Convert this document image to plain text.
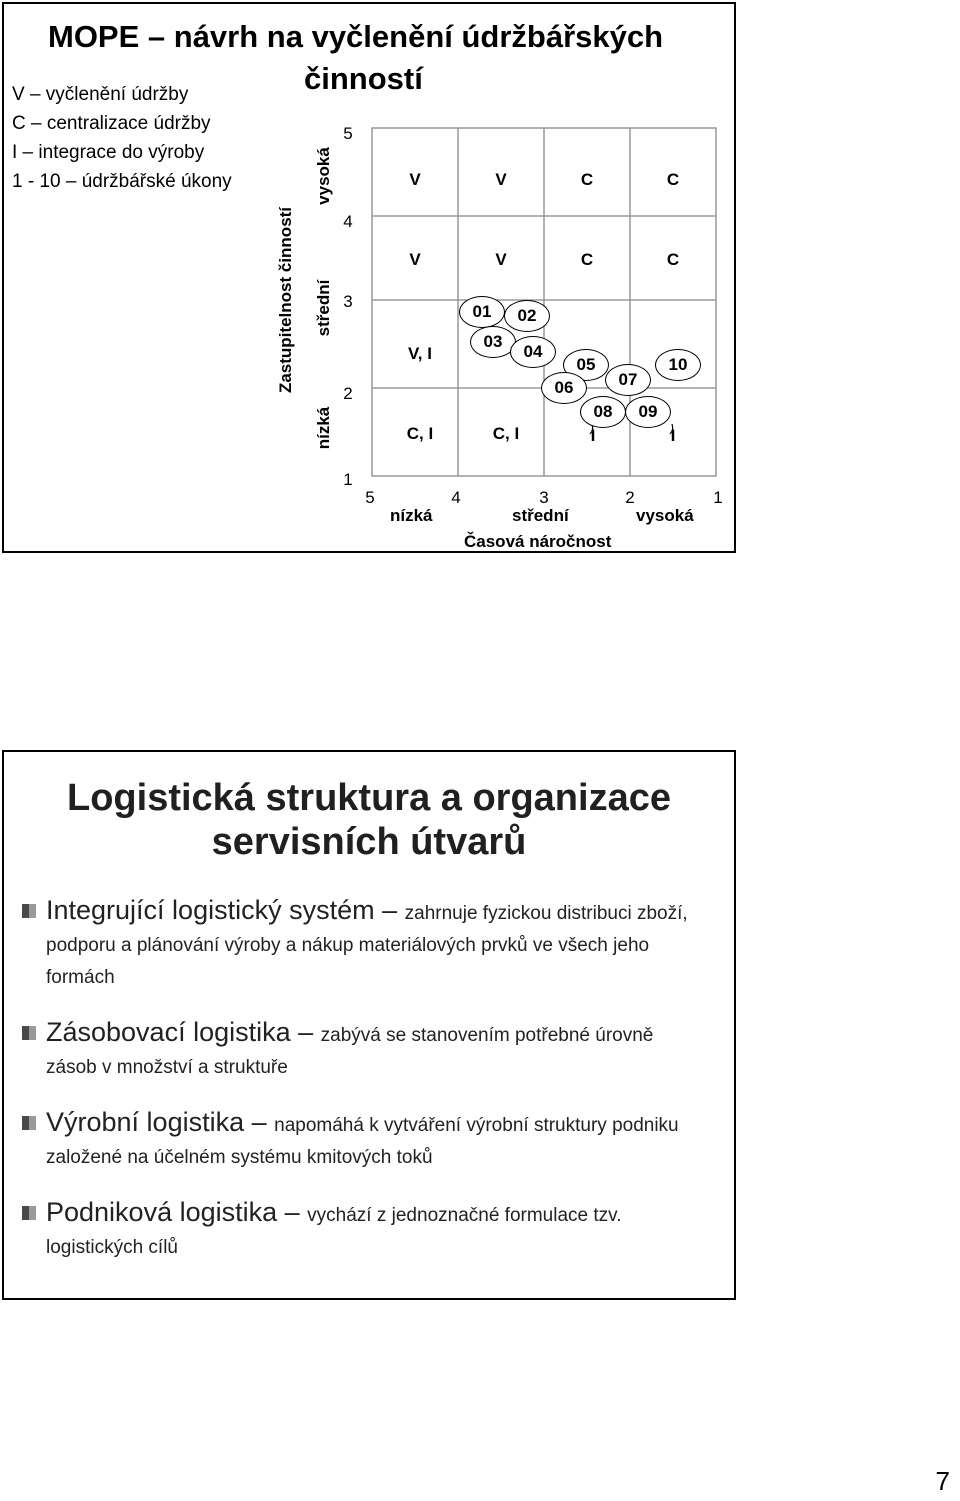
MOPE – návrh na vyčlenění údržbářských
činností
V – vyčlenění údržby
C – centralizace údržby
I – integrace do výroby
1 - 10 – údržbářské úkony
Zastupitelnost činností
vysoká
střední
nízká
5
4
3
2
1
V	V	C	C
V	V	C	C
V, I
C, I	C, I	I	I
01	02
03
04
05
06	07
08	09
10
5	4	3	2	1
nízká	střední	vysoká
Časová náročnost
Logistická struktura a organizace
servisních útvarů
Integrující logistický systém – zahrnuje fyzickou distribuci zboží, podporu a plánování výroby a nákup materiálových prvků ve všech jeho formách
Zásobovací logistika – zabývá se stanovením potřebné úrovně zásob v množství a struktuře
Výrobní logistika – napomáhá k vytváření výrobní struktury podniku založené na účelném systému kmitových toků
Podniková logistika – vychází z jednoznačné formulace tzv. logistických cílů
7
